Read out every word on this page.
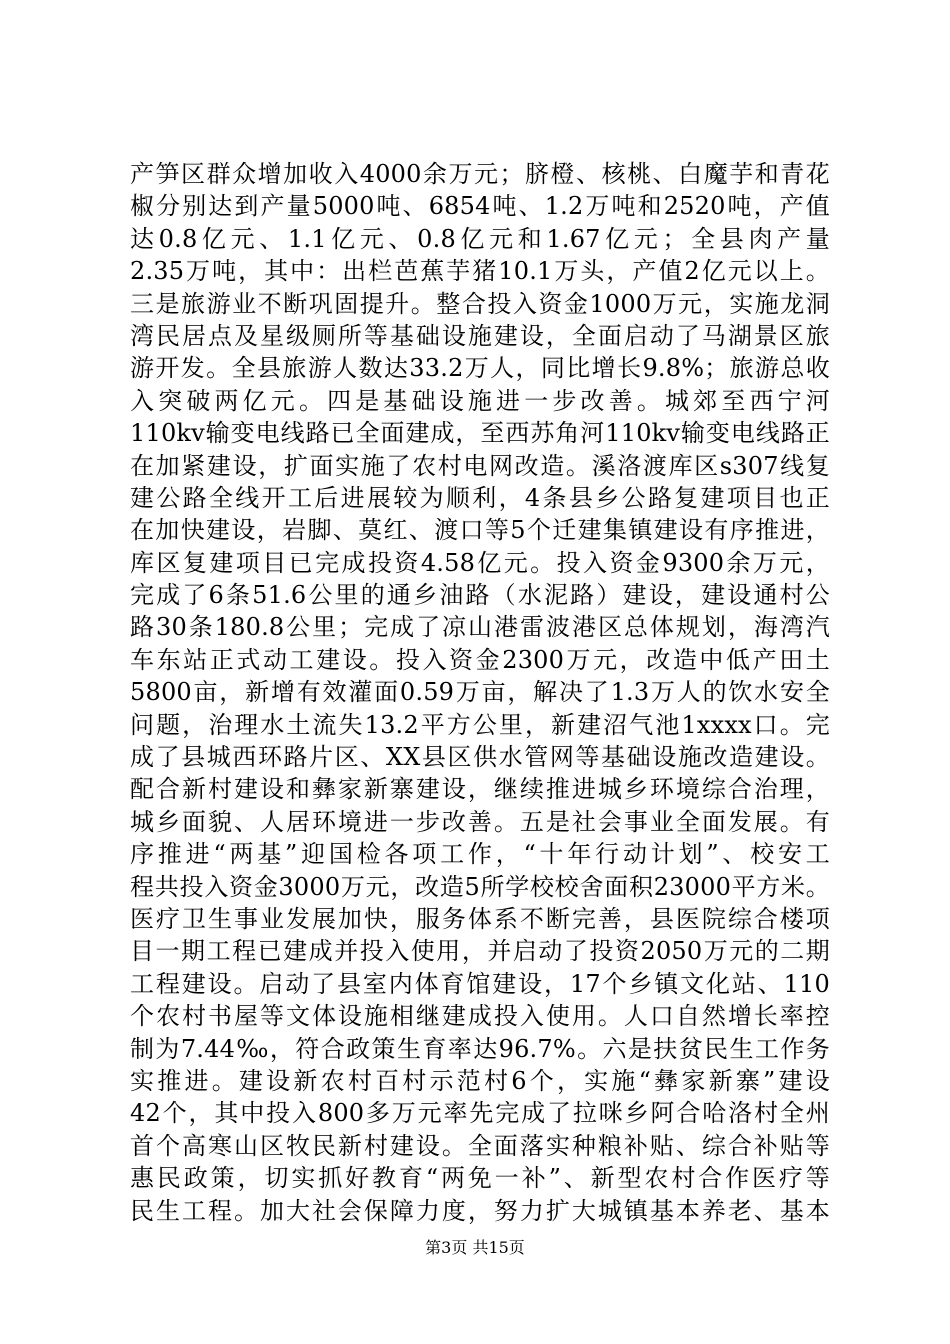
产笋区群众增加收入4000余万元；脐橙、核桃、白魔芋和青花
椒分别达到产量5000吨、6854吨、1.2万吨和2520吨，产值
达0.8亿元、1.1亿元、0.8亿元和1.67亿元；全县肉产量
2.35万吨，其中：出栏芭蕉芋猪10.1万头，产值2亿元以上。
三是旅游业不断巩固提升。整合投入资金1000万元，实施龙洞
湾民居点及星级厕所等基础设施建设，全面启动了马湖景区旅
游开发。全县旅游人数达33.2万人，同比增长9.8%；旅游总收
入突破两亿元。四是基础设施进一步改善。城郊至西宁河
110kv输变电线路已全面建成，至西苏角河110kv输变电线路正
在加紧建设，扩面实施了农村电网改造。溪洛渡库区s307线复
建公路全线开工后进展较为顺利，4条县乡公路复建项目也正
在加快建设，岩脚、莫红、渡口等5个迁建集镇建设有序推进，
库区复建项目已完成投资4.58亿元。投入资金9300余万元，
完成了6条51.6公里的通乡油路（水泥路）建设，建设通村公
路30条180.8公里；完成了凉山港雷波港区总体规划，海湾汽
车东站正式动工建设。投入资金2300万元，改造中低产田土
5800亩，新增有效灌面0.59万亩，解决了1.3万人的饮水安全
问题，治理水土流失13.2平方公里，新建沼气池1xxxx口。完
成了县城西环路片区、XX县区供水管网等基础设施改造建设。
配合新村建设和彝家新寨建设，继续推进城乡环境综合治理，
城乡面貌、人居环境进一步改善。五是社会事业全面发展。有
序推进“两基”迎国检各项工作，“十年行动计划”、校安工
程共投入资金3000万元，改造5所学校校舍面积23000平方米。
医疗卫生事业发展加快，服务体系不断完善，县医院综合楼项
目一期工程已建成并投入使用，并启动了投资2050万元的二期
工程建设。启动了县室内体育馆建设，17个乡镇文化站、110
个农村书屋等文体设施相继建成投入使用。人口自然增长率控
制为7.44‰，符合政策生育率达96.7%。六是扶贫民生工作务
实推进。建设新农村百村示范村6个，实施“彝家新寨”建设
42个，其中投入800多万元率先完成了拉咪乡阿合哈洛村全州
首个高寒山区牧民新村建设。全面落实种粮补贴、综合补贴等
惠民政策，切实抓好教育“两免一补”、新型农村合作医疗等
民生工程。加大社会保障力度，努力扩大城镇基本养老、基本
第3页 共15页
